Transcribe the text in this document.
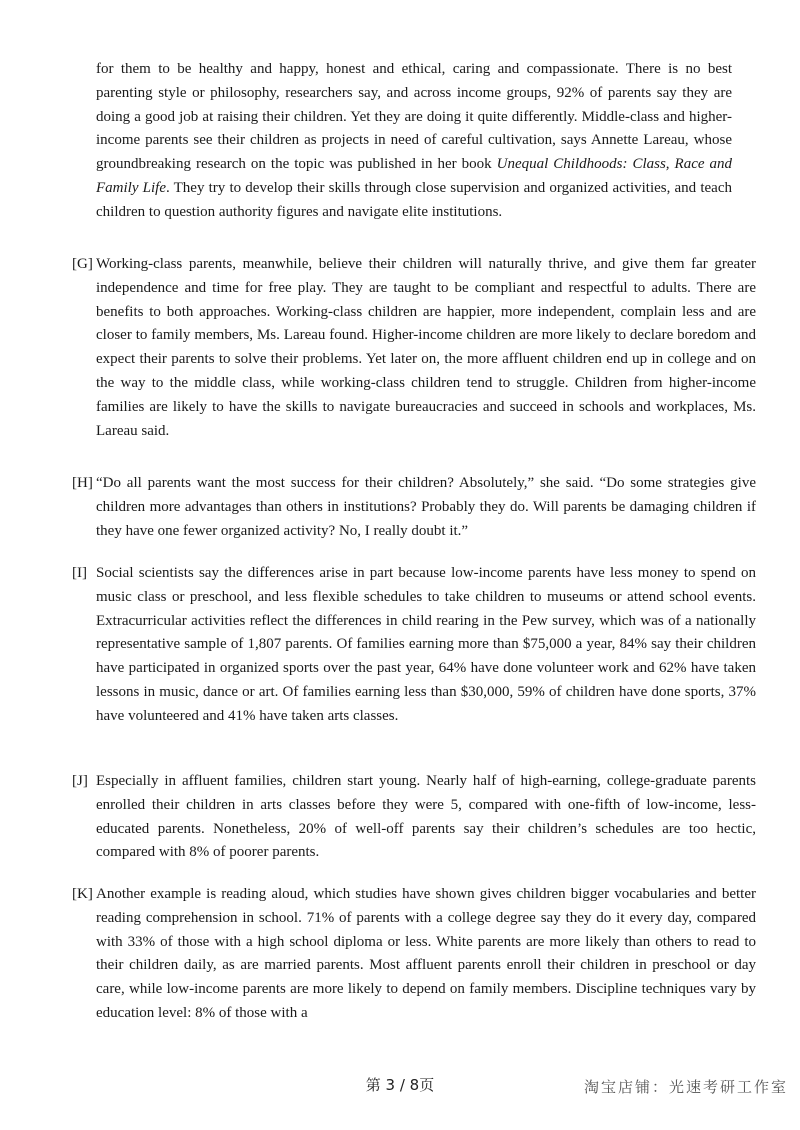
for them to be healthy and happy, honest and ethical, caring and compassionate. There is no best parenting style or philosophy, researchers say, and across income groups, 92% of parents say they are doing a good job at raising their children. Yet they are doing it quite differently. Middle-class and higher-income parents see their children as projects in need of careful cultivation, says Annette Lareau, whose groundbreaking research on the topic was published in her book Unequal Childhoods: Class, Race and Family Life. They try to develop their skills through close supervision and organized activities, and teach children to question authority figures and navigate elite institutions.

[G] Working-class parents, meanwhile, believe their children will naturally thrive, and give them far greater independence and time for free play. They are taught to be compliant and respectful to adults. There are benefits to both approaches. Working-class children are happier, more independent, complain less and are closer to family members, Ms. Lareau found. Higher-income children are more likely to declare boredom and expect their parents to solve their problems. Yet later on, the more affluent children end up in college and on the way to the middle class, while working-class children tend to struggle. Children from higher-income families are likely to have the skills to navigate bureaucracies and succeed in schools and workplaces, Ms. Lareau said.

[H] “Do all parents want the most success for their children? Absolutely,” she said. “Do some strategies give children more advantages than others in institutions? Probably they do. Will parents be damaging children if they have one fewer organized activity? No, I really doubt it.”

[I] Social scientists say the differences arise in part because low-income parents have less money to spend on music class or preschool, and less flexible schedules to take children to museums or attend school events. Extracurricular activities reflect the differences in child rearing in the Pew survey, which was of a nationally representative sample of 1,807 parents. Of families earning more than $75,000 a year, 84% say their children have participated in organized sports over the past year, 64% have done volunteer work and 62% have taken lessons in music, dance or art. Of families earning less than $30,000, 59% of children have done sports, 37% have volunteered and 41% have taken arts classes.

[J] Especially in affluent families, children start young. Nearly half of high-earning, college-graduate parents enrolled their children in arts classes before they were 5, compared with one-fifth of low-income, less-educated parents. Nonetheless, 20% of well-off parents say their children’s schedules are too hectic, compared with 8% of poorer parents.

[K] Another example is reading aloud, which studies have shown gives children bigger vocabularies and better reading comprehension in school. 71% of parents with a college degree say they do it every day, compared with 33% of those with a high school diploma or less. White parents are more likely than others to read to their children daily, as are married parents. Most affluent parents enroll their children in preschool or day care, while low-income parents are more likely to depend on family members. Discipline techniques vary by education level: 8% of those with a

第 3 / 8页	淘宝店铺：光速考研工作室
